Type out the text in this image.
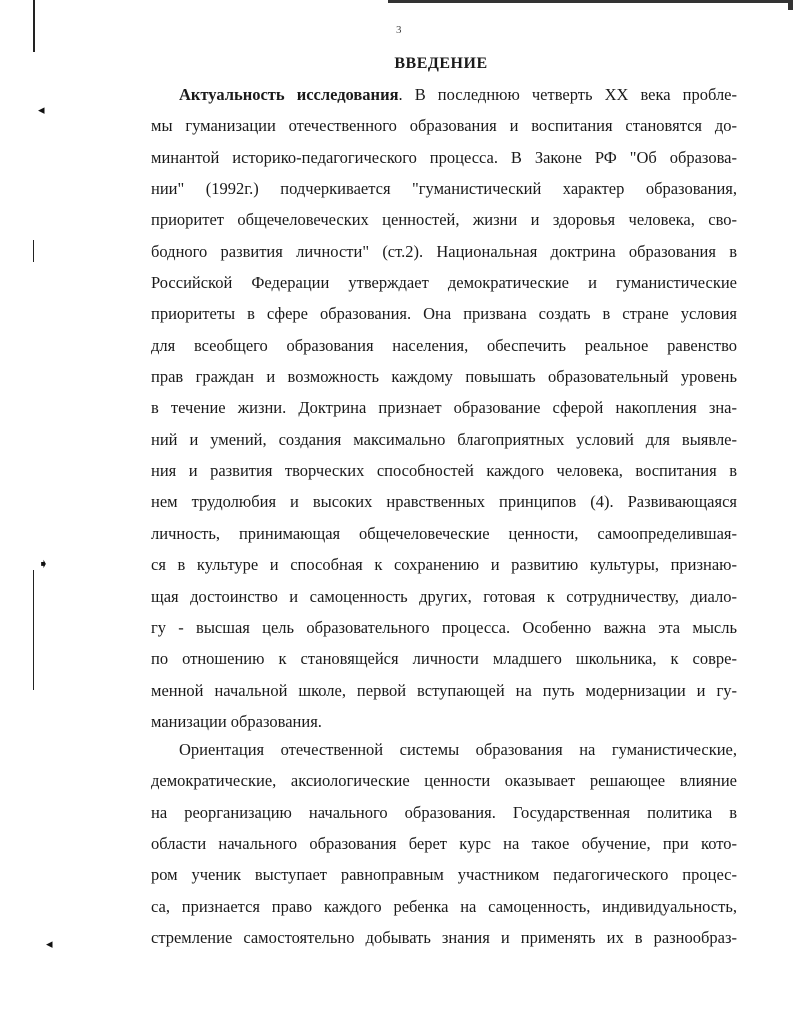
◂
➧
◂
3
ВВЕДЕНИЕ
Актуальность исследования. В последнюю четверть XX века пробле-
мы гуманизации отечественного образования и воспитания становятся до-
минантой историко-педагогического процесса. В Законе РФ "Об образова-
нии" (1992г.) подчеркивается "гуманистический характер образования,
приоритет общечеловеческих ценностей, жизни и здоровья человека, сво-
бодного развития личности" (ст.2). Национальная доктрина образования в
Российской Федерации утверждает демократические и гуманистические
приоритеты в сфере образования. Она призвана создать в стране условия
для всеобщего образования населения, обеспечить реальное равенство
прав граждан и возможность каждому повышать образовательный уровень
в течение жизни. Доктрина признает образование сферой накопления зна-
ний и умений, создания максимально благоприятных условий для выявле-
ния и развития творческих способностей каждого человека, воспитания в
нем трудолюбия и высоких нравственных принципов (4). Развивающаяся
личность, принимающая общечеловеческие ценности, самоопределившая-
ся в культуре и способная к сохранению и развитию культуры, признаю-
щая достоинство и самоценность других, готовая к сотрудничеству, диало-
гу - высшая цель образовательного процесса. Особенно важна эта мысль
по отношению к становящейся личности младшего школьника, к совре-
менной начальной школе, первой вступающей на путь модернизации и гу-
манизации образования.
Ориентация отечественной системы образования на гуманистические,
демократические, аксиологические ценности оказывает решающее влияние
на реорганизацию начального образования. Государственная политика в
области начального образования берет курс на такое обучение, при кото-
ром ученик выступает равноправным участником педагогического процес-
са, признается право каждого ребенка на самоценность, индивидуальность,
стремление самостоятельно добывать знания и применять их в разнообраз-
